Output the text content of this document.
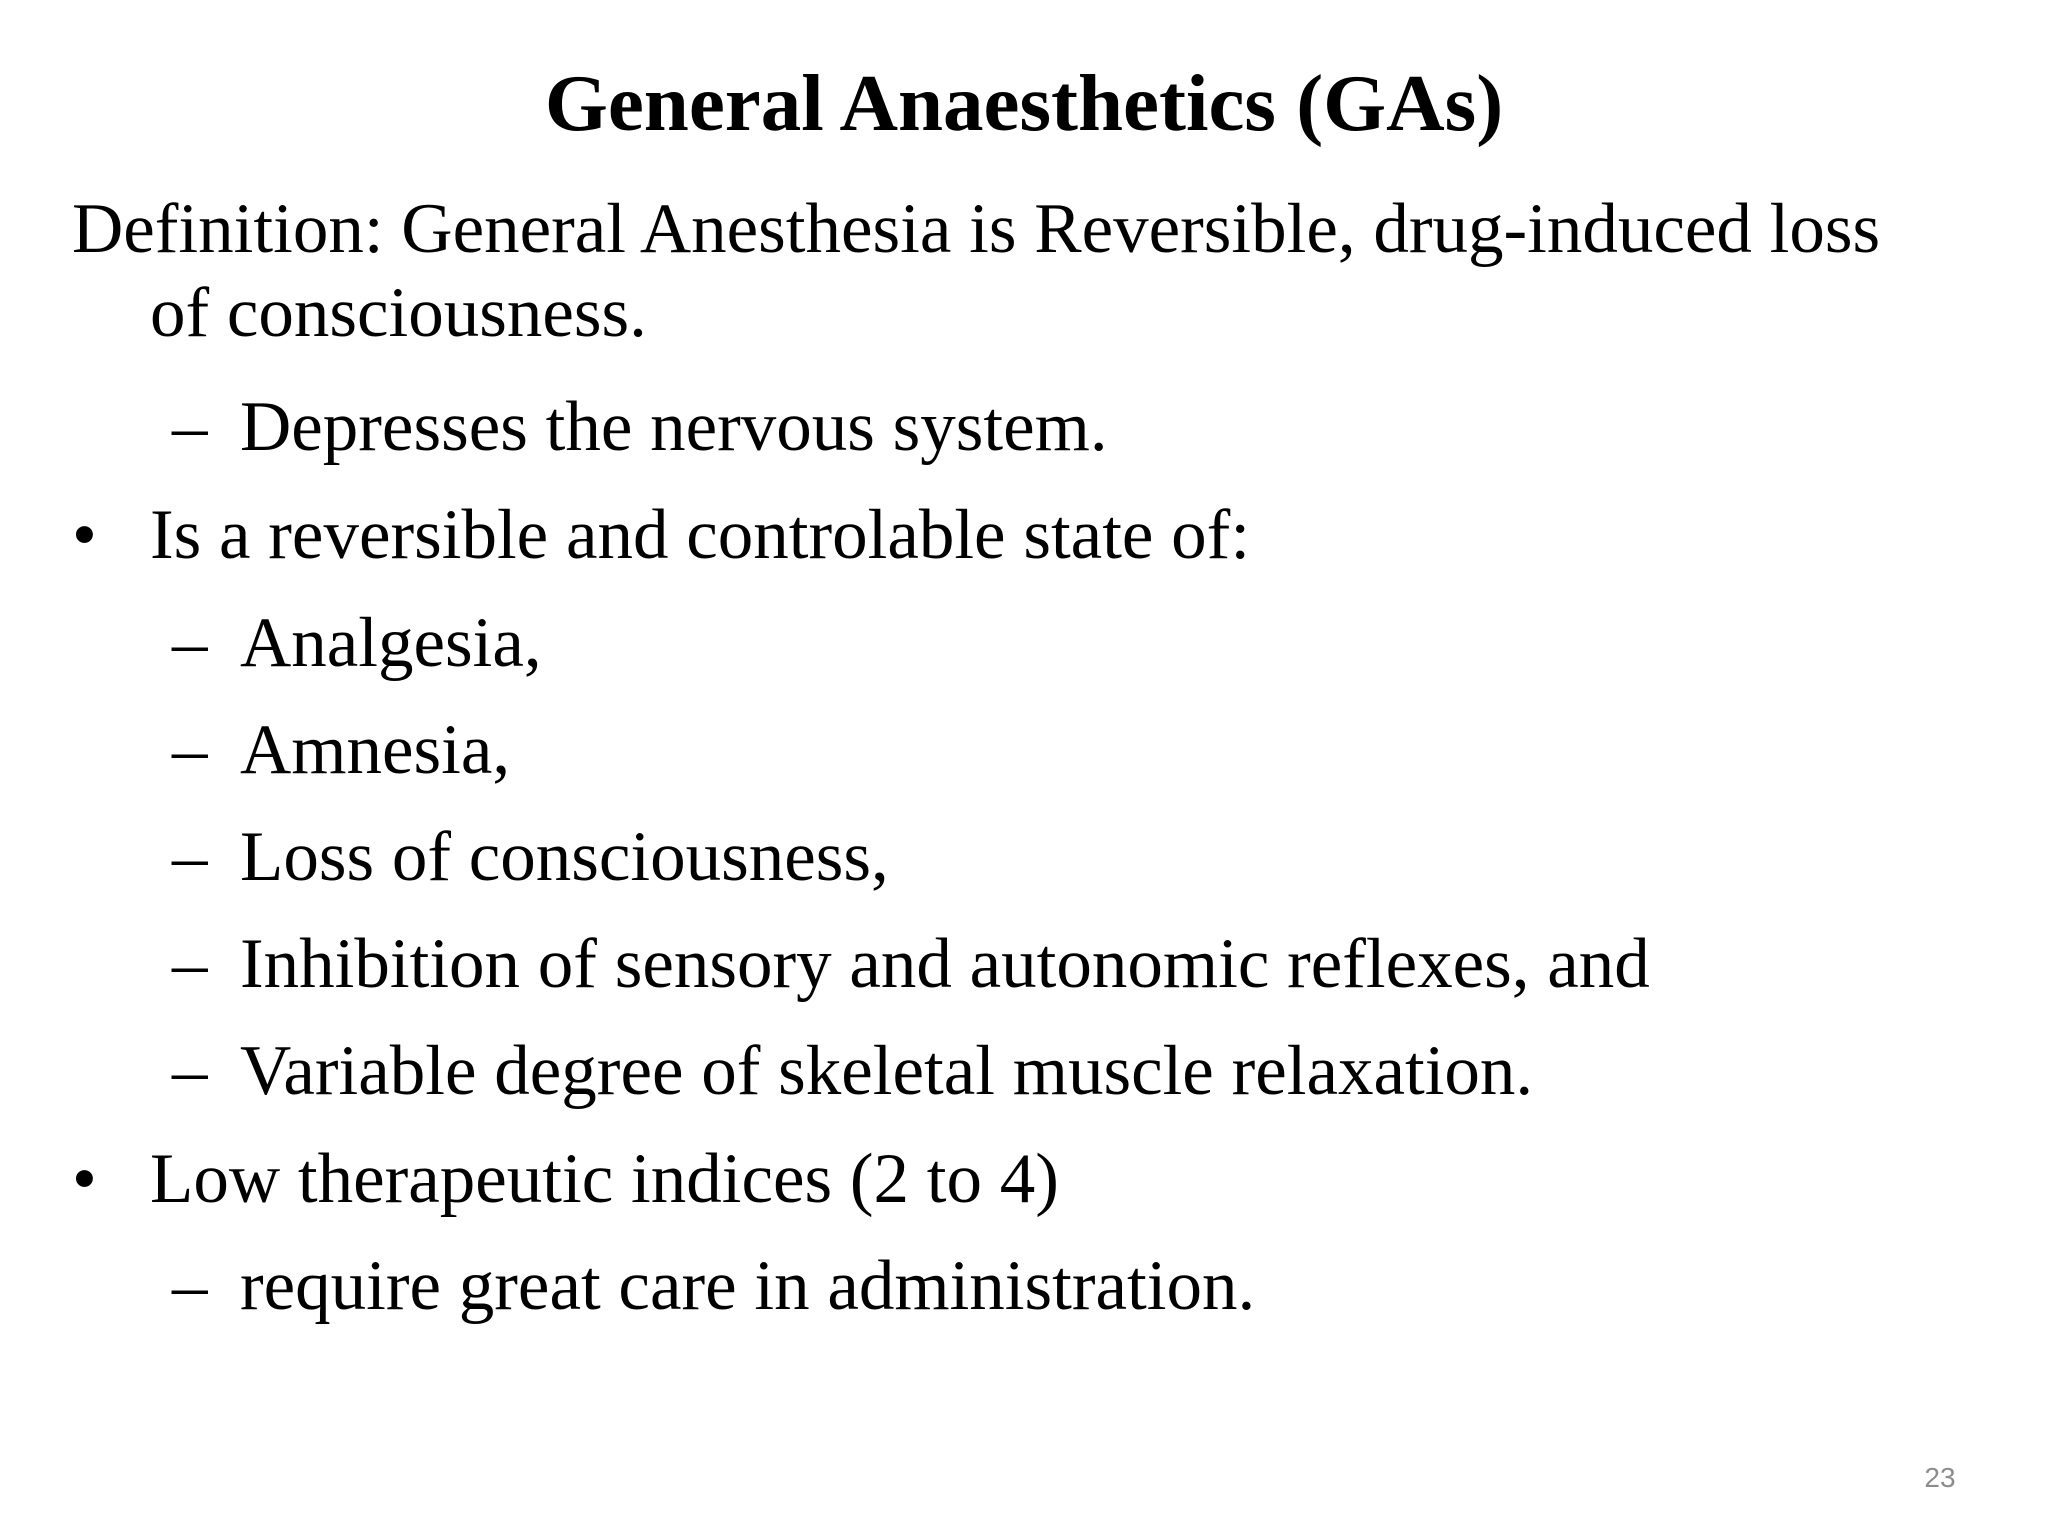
General Anaesthetics (GAs)
Definition: General Anesthesia is Reversible, drug-induced loss
of consciousness.
– Depresses the nervous system.
• Is a reversible and controlable state of:
– Analgesia,
– Amnesia,
– Loss of consciousness,
– Inhibition of sensory and autonomic reflexes, and
– Variable degree of skeletal muscle relaxation.
• Low therapeutic indices (2 to 4)
– require great care in administration.
23
